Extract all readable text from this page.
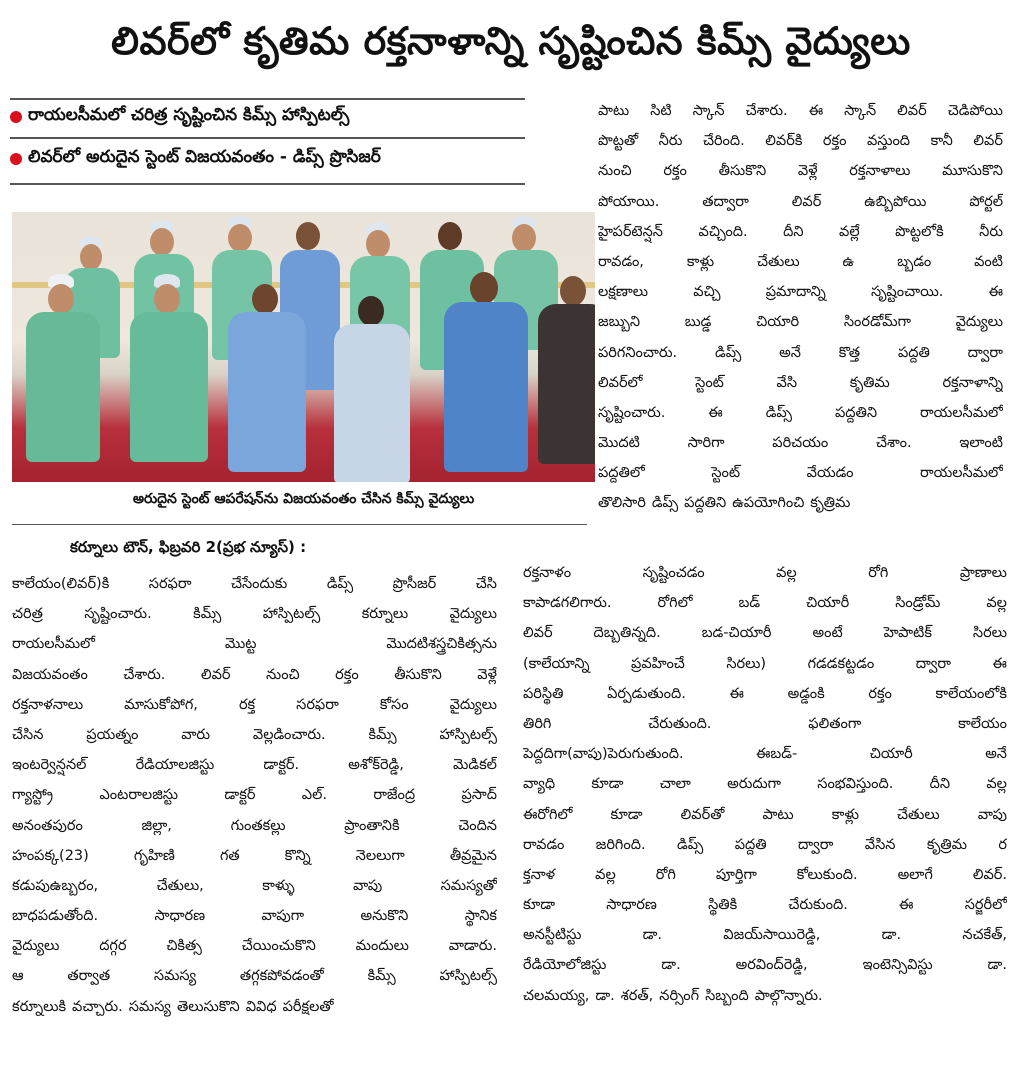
లివర్‌లో కృతిమ రక్తనాళాన్ని సృష్టించిన కిమ్స్ వైద్యులు
రాయలసీమలో చరిత్ర సృష్టించిన కిమ్స్ హాస్పిటల్స్
లివర్‌లో అరుదైన స్టెంట్ విజయవంతం - డిప్స్ ప్రొసిజర్
అరుదైన స్టెంట్ ఆపరేషన్‌ను విజయవంతం చేసిన కిమ్స్ వైద్యులు
కర్నూలు టౌన్, ఫిబ్రవరి 2(ప్రభ న్యూస్) :
కాలేయం(లివర్)కి	సరఫరా	చేసేందుకు	డిప్స్	ప్రొసీజర్	చేసి
చరిత్ర	సృష్టించారు.	కిమ్స్	హాస్పిటల్స్	కర్నూలు	వైద్యులు
రాయలసీమలో	మొట్ట	మొదటిశస్త్రచికిత్సను
విజయవంతం చేశారు. లివర్ నుంచి రక్తం తీసుకొని వెళ్లే
రక్తనాళనాలు	మాసుకోపోగ,	రక్త	సరఫరా	కోసం	వైద్యులు
చేసిన	ప్రయత్నం	వారు	వెల్లడించారు.	కిమ్స్	హాస్పిటల్స్
ఇంటర్వెన్షనల్	రేడియాలజిస్టు	డాక్టర్.	అశోక్‌రెడ్డి,	మెడికల్
గ్యాస్ట్రో	ఎంటరాలజిస్టు	డాక్టర్	ఎల్.	రాజేంద్ర	ప్రసాద్
అనంతపురం	జిల్లా,	గుంతకల్లు	ప్రాంతానికి	చెందిన
హంపక్క(23)	గృహిణి	గత	కొన్ని	నెలలుగా	తీవ్రమైన
కడుపుఉబ్బరం,	చేతులు,	కాళ్ళు	వాపు	సమస్యతో
బాధపడుతోంది.	సాధారణ	వాపుగా	అనుకొని	స్థానిక
వైద్యులు	దగ్గర	చికిత్స	చేయించుకొని	మందులు	వాడారు.
ఆ	తర్వాత	సమస్య	తగ్గకపోవడంతో	కిమ్స్	హాస్పిటల్స్
కర్నూలుకి వచ్చారు. సమస్య తెలుసుకొని వివిధ పరీక్షలతో
పాటు సిటి స్కాన్ చేశారు. ఈ స్కాన్ లివర్ చెడిపోయి
పొట్టతో నీరు చేరింది. లివర్‌కి రక్తం వస్తుంది కానీ లివర్
నుంచి రక్తం తీసుకొని వెళ్లే రక్తనాళాలు మూసుకొని
పోయాయి.	తద్వారా	లివర్	ఉబ్బిపోయి	పోర్టల్
హైపర్‌టెన్షన్ వచ్చింది. దీని వల్లే పొట్టలోకి నీరు
రావడం,	కాళ్లు	చేతులు	ఉ	బ్బడం	వంటి
లక్షణాలు	వచ్చి	ప్రమాదాన్ని	సృష్టించాయి.	ఈ
జబ్బుని	బుడ్డ	చియారి	సింరడోమ్‌గా	వైద్యులు
పరిగనించారు.	డిప్స్	అనే	కొత్త	పద్దతి	ద్వారా
లివర్‌లో	స్టెంట్	వేసి	కృతిమ	రక్తనాళాన్ని
సృష్టించారు.	ఈ	డిప్స్	పద్దతిని	రాయలసీమలో
మొదటి	సారిగా	పరిచయం	చేశాం.	ఇలాంటి
పద్దతిలో	స్టెంట్	వేయడం	రాయలసీమలో
తొలిసారి డిప్స్ పద్దతిని ఉపయోగించి కృత్రిమ
రక్తనాళం	సృష్టించడం	వల్ల	రోగి	ప్రాణాలు
కాపాడగలిగారు.	రోగిలో	బడ్	చియారీ	సిండ్రోమ్	వల్ల
లివర్	దెబ్బతిన్నది.	బడ-చియారీ	అంటే	హెపాటిక్	సిరలు
(కాలేయాన్ని	ప్రవహించే	సిరలు)	గడడకట్టడం	ద్వారా	ఈ
పరిస్థితి	ఏర్పడుతుంది.	ఈ	అడ్డంకి	రక్తం	కాలేయంలోకి
తిరిగి	చేరుతుంది.	ఫలితంగా	కాలేయం
పెద్దదిగా(వాపు)పెరుగుతుంది.	ఈబడ్-	చియారీ	అనే
వ్యాధి	కూడా	చాలా	అరుదుగా	సంభవిస్తుంది.	దీని	వల్ల
ఈరోగిలో	కూడా	లివర్‌తో	పాటు	కాళ్లు	చేతులు	వాపు
రావడం జరిగింది. డిప్స్ పద్దతి ద్వారా వేసిన కృత్రిమ ర
క్తనాళ	వల్ల	రోగి	పూర్తిగా	కోలుకుంది.	అలాగే	లివర్.
కూడా	సాధారణ	స్థితికి	చేరుకుంది.	ఈ	సర్జరీలో
అనస్టీటిస్టు	డా.	విజయ్‌సాయిరెడ్డి,	డా.	నచకేత్,
రేడియోలోజిస్టు	డా.	అరవింద్‌రెడ్డి,	ఇంటెన్సివిస్టు	డా.
చలమయ్య, డా. శరత్, నర్సింగ్ సిబ్బంది పాల్గొన్నారు.
